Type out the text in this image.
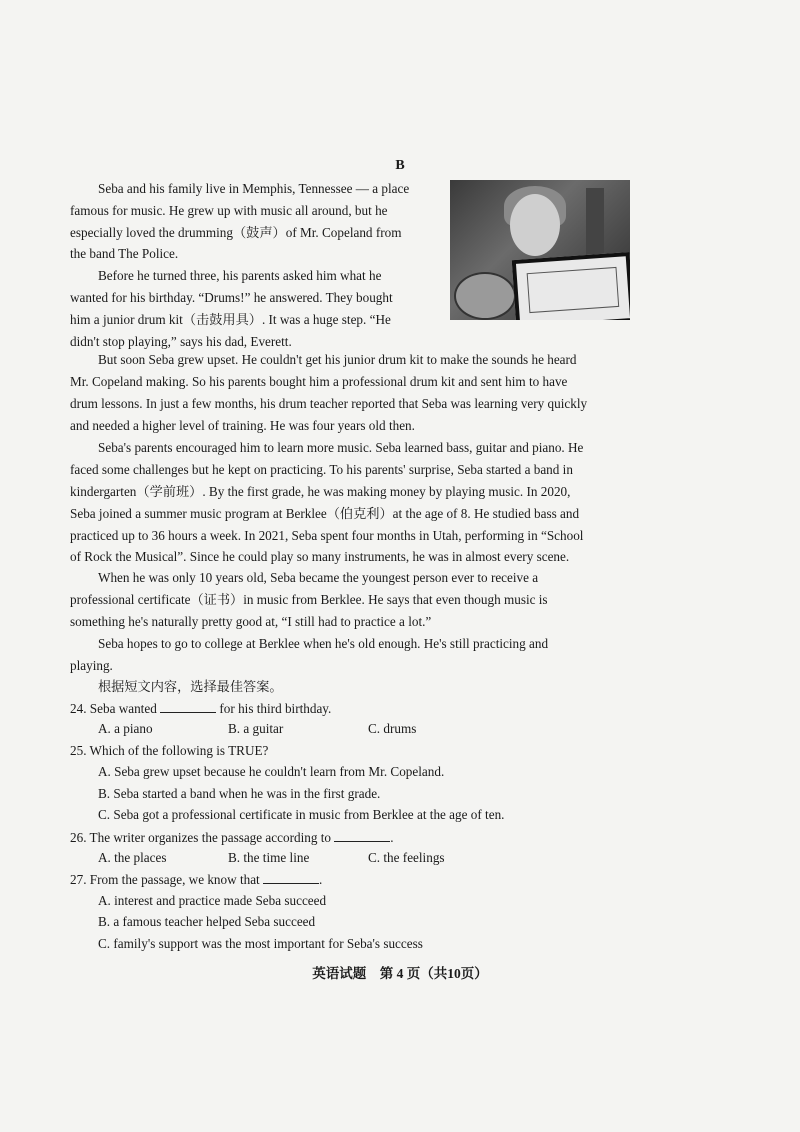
B
Seba and his family live in Memphis, Tennessee — a place
famous for music. He grew up with music all around, but he
especially loved the drumming（鼓声）of Mr. Copeland from
the band The Police.
Before he turned three, his parents asked him what he
wanted for his birthday. “Drums!” he answered. They bought
him a junior drum kit（击鼓用具）. It was a huge step. “He
didn't stop playing,” says his dad, Everett.
But soon Seba grew upset. He couldn't get his junior drum kit to make the sounds he heard
Mr. Copeland making. So his parents bought him a professional drum kit and sent him to have
drum lessons. In just a few months, his drum teacher reported that Seba was learning very quickly
and needed a higher level of training. He was four years old then.
Seba's parents encouraged him to learn more music. Seba learned bass, guitar and piano. He
faced some challenges but he kept on practicing. To his parents' surprise, Seba started a band in
kindergarten（学前班）. By the first grade, he was making money by playing music. In 2020,
Seba joined a summer music program at Berklee（伯克利）at the age of 8. He studied bass and
practiced up to 36 hours a week. In 2021, Seba spent four months in Utah, performing in “School
of Rock the Musical”. Since he could play so many instruments, he was in almost every scene.
When he was only 10 years old, Seba became the youngest person ever to receive a
professional certificate（证书）in music from Berklee. He says that even though music is
something he's naturally pretty good at, “I still had to practice a lot.”
Seba hopes to go to college at Berklee when he's old enough. He's still practicing and
playing.
根据短文内容，选择最佳答案。
24. Seba wanted	for his third birthday.
A. a piano	B. a guitar	C. drums
25. Which of the following is TRUE?
A. Seba grew upset because he couldn't learn from Mr. Copeland.
B. Seba started a band when he was in the first grade.
C. Seba got a professional certificate in music from Berklee at the age of ten.
26. The writer organizes the passage according to	.
A. the places	B. the time line	C. the feelings
27. From the passage, we know that	.
A. interest and practice made Seba succeed
B. a famous teacher helped Seba succeed
C. family's support was the most important for Seba's success
英语试题　第 4 页（共10页）
